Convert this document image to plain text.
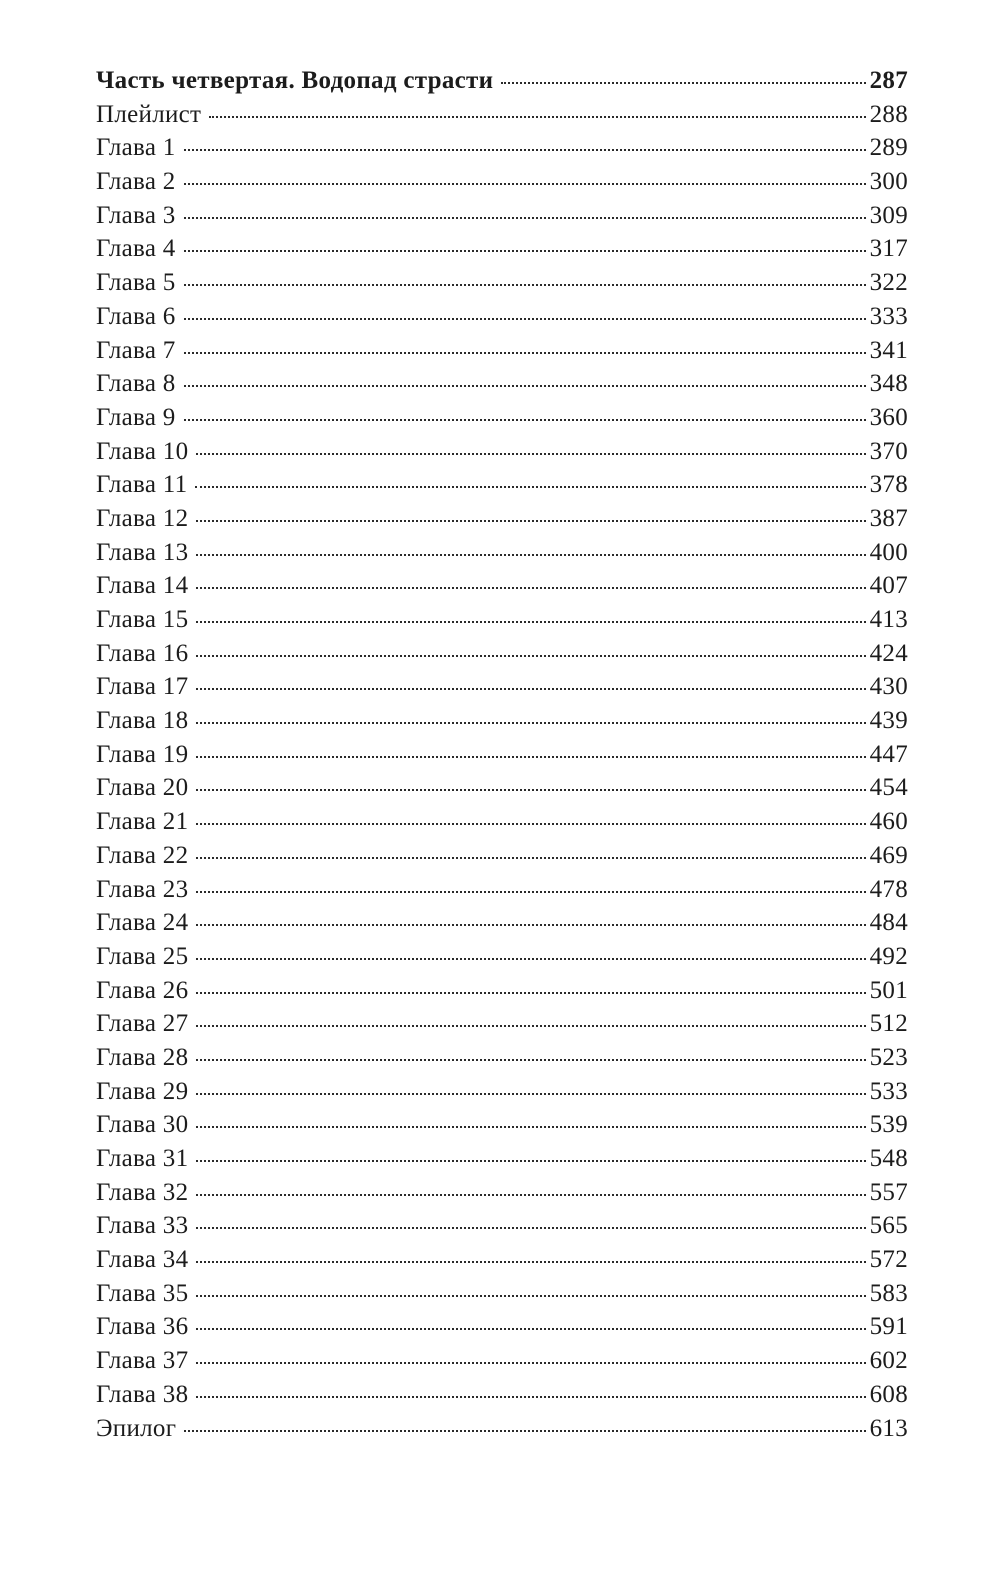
Часть четвертая. Водопад страсти	287
Плейлист	288
Глава 1	289
Глава 2	300
Глава 3	309
Глава 4	317
Глава 5	322
Глава 6	333
Глава 7	341
Глава 8	348
Глава 9	360
Глава 10	370
Глава 11	378
Глава 12	387
Глава 13	400
Глава 14	407
Глава 15	413
Глава 16	424
Глава 17	430
Глава 18	439
Глава 19	447
Глава 20	454
Глава 21	460
Глава 22	469
Глава 23	478
Глава 24	484
Глава 25	492
Глава 26	501
Глава 27	512
Глава 28	523
Глава 29	533
Глава 30	539
Глава 31	548
Глава 32	557
Глава 33	565
Глава 34	572
Глава 35	583
Глава 36	591
Глава 37	602
Глава 38	608
Эпилог	613
